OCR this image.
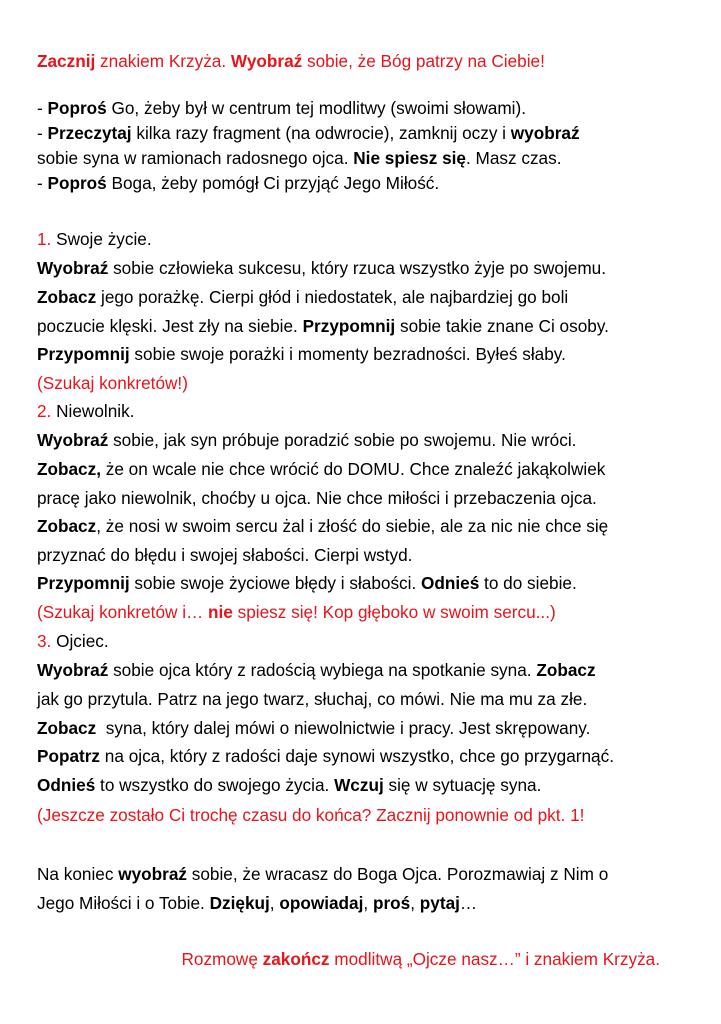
Zacznij znakiem Krzyża. Wyobraź sobie, że Bóg patrzy na Ciebie!
- Poproś Go, żeby był w centrum tej modlitwy (swoimi słowami).
- Przeczytaj kilka razy fragment (na odwrocie), zamknij oczy i wyobraź
sobie syna w ramionach radosnego ojca. Nie spiesz się. Masz czas.
- Poproś Boga, żeby pomógł Ci przyjąć Jego Miłość.
1. Swoje życie.
Wyobraź sobie człowieka sukcesu, który rzuca wszystko żyje po swojemu.
Zobacz jego porażkę. Cierpi głód i niedostatek, ale najbardziej go boli
poczucie klęski. Jest zły na siebie. Przypomnij sobie takie znane Ci osoby.
Przypomnij sobie swoje porażki i momenty bezradności. Byłeś słaby.
(Szukaj konkretów!)
2. Niewolnik.
Wyobraź sobie, jak syn próbuje poradzić sobie po swojemu. Nie wróci.
Zobacz, że on wcale nie chce wrócić do DOMU. Chce znaleźć jakąkolwiek
pracę jako niewolnik, choćby u ojca. Nie chce miłości i przebaczenia ojca.
Zobacz, że nosi w swoim sercu żal i złość do siebie, ale za nic nie chce się
przyznać do błędu i swojej słabości. Cierpi wstyd.
Przypomnij sobie swoje życiowe błędy i słabości. Odnieś to do siebie.
(Szukaj konkretów i… nie spiesz się! Kop głęboko w swoim sercu...)
3. Ojciec.
Wyobraź sobie ojca który z radością wybiega na spotkanie syna. Zobacz
jak go przytula. Patrz na jego twarz, słuchaj, co mówi. Nie ma mu za złe.
Zobacz  syna, który dalej mówi o niewolnictwie i pracy. Jest skrępowany.
Popatrz na ojca, który z radości daje synowi wszystko, chce go przygarnąć.
Odnieś to wszystko do swojego życia. Wczuj się w sytuację syna.
(Jeszcze zostało Ci trochę czasu do końca? Zacznij ponownie od pkt. 1!
Na koniec wyobraź sobie, że wracasz do Boga Ojca. Porozmawiaj z Nim o
Jego Miłości i o Tobie. Dziękuj, opowiadaj, proś, pytaj…
Rozmowę zakończ modlitwą „Ojcze nasz…” i znakiem Krzyża.
